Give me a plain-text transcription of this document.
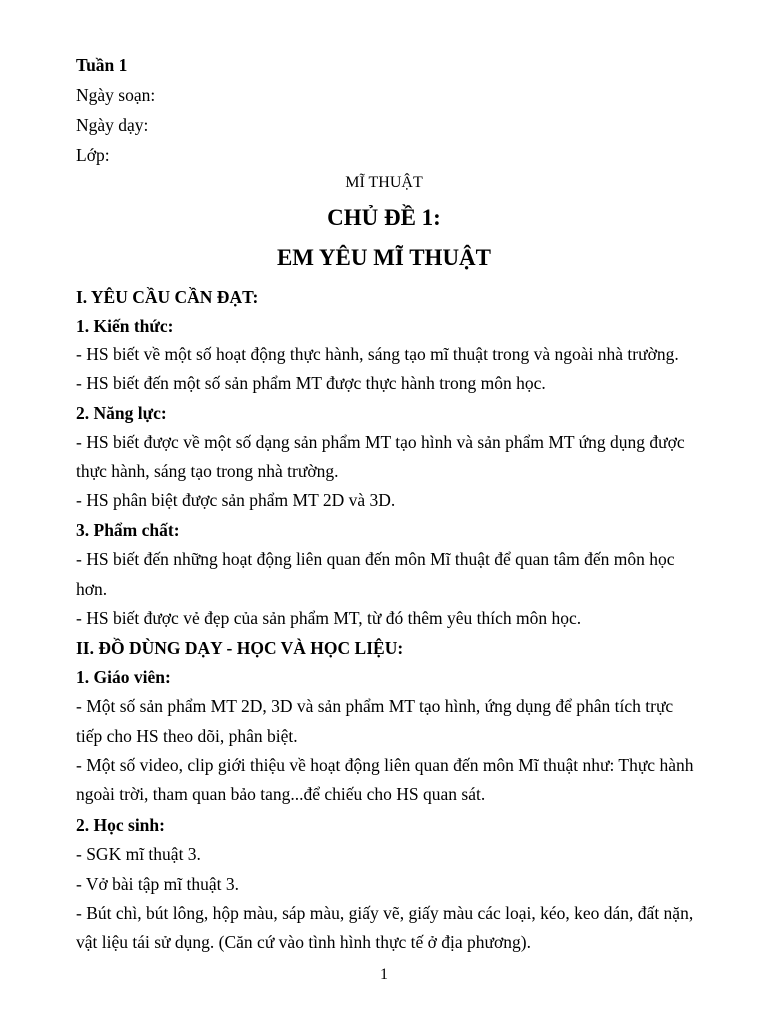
Tuần 1
Ngày soạn:
Ngày dạy:
Lớp:
MĨ THUẬT
CHỦ ĐỀ 1:
EM YÊU MĨ THUẬT
I. YÊU CẦU CẦN ĐẠT:
1. Kiến thức:
- HS biết về một số hoạt động thực hành, sáng tạo mĩ thuật trong và ngoài nhà trường.
- HS biết đến một số sản phẩm MT được thực hành trong môn học.
2. Năng lực:
- HS biết được về một số dạng sản phẩm MT tạo hình và sản phẩm MT ứng dụng được
thực hành, sáng tạo trong nhà trường.
- HS phân biệt được sản phẩm MT 2D và 3D.
3. Phẩm chất:
- HS biết đến những hoạt động liên quan đến môn Mĩ thuật để quan tâm đến môn học
hơn.
- HS biết được vẻ đẹp của sản phẩm MT, từ đó thêm yêu thích môn học.
II. ĐỒ DÙNG DẠY - HỌC VÀ HỌC LIỆU:
1. Giáo viên:
- Một số sản phẩm MT 2D, 3D và sản phẩm MT tạo hình, ứng dụng để phân tích trực
tiếp cho HS theo dõi, phân biệt.
- Một số video, clip giới thiệu về hoạt động liên quan đến môn Mĩ thuật như: Thực hành
ngoài trời, tham quan bảo tang...để chiếu cho HS quan sát.
2. Học sinh:
- SGK mĩ thuật 3.
- Vở bài tập mĩ thuật 3.
- Bút chì, bút lông, hộp màu, sáp màu, giấy vẽ, giấy màu các loại, kéo, keo dán, đất nặn,
vật liệu tái sử dụng. (Căn cứ vào tình hình thực tế ở địa phương).
1
